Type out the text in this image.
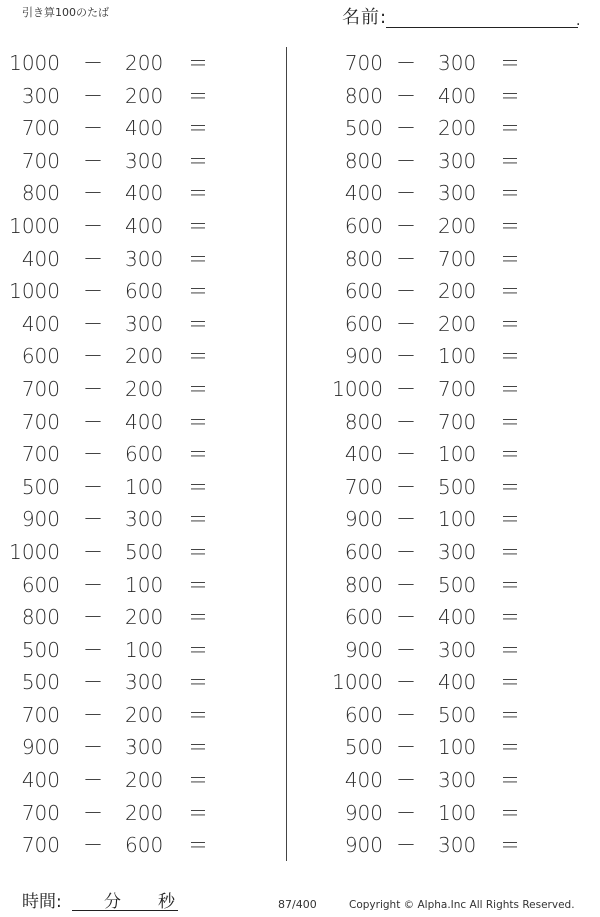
引き算100のたば	名前:	.
1000 － 200 ＝
300 － 200 ＝
700 － 400 ＝
700 － 300 ＝
800 － 400 ＝
1000 － 400 ＝
400 － 300 ＝
1000 － 600 ＝
400 － 300 ＝
600 － 200 ＝
700 － 200 ＝
700 － 400 ＝
700 － 600 ＝
500 － 100 ＝
900 － 300 ＝
1000 － 500 ＝
600 － 100 ＝
800 － 200 ＝
500 － 100 ＝
500 － 300 ＝
700 － 200 ＝
900 － 300 ＝
400 － 200 ＝
700 － 200 ＝
700 － 600 ＝
700 － 300 ＝
800 － 400 ＝
500 － 200 ＝
800 － 300 ＝
400 － 300 ＝
600 － 200 ＝
800 － 700 ＝
600 － 200 ＝
600 － 200 ＝
900 － 100 ＝
1000 － 700 ＝
800 － 700 ＝
400 － 100 ＝
700 － 500 ＝
900 － 100 ＝
600 － 300 ＝
800 － 500 ＝
600 － 400 ＝
900 － 300 ＝
1000 － 400 ＝
600 － 500 ＝
500 － 100 ＝
400 － 300 ＝
900 － 100 ＝
900 － 300 ＝
時間: 分 秒	87/400	Copyright © Alpha.Inc All Rights Reserved.
